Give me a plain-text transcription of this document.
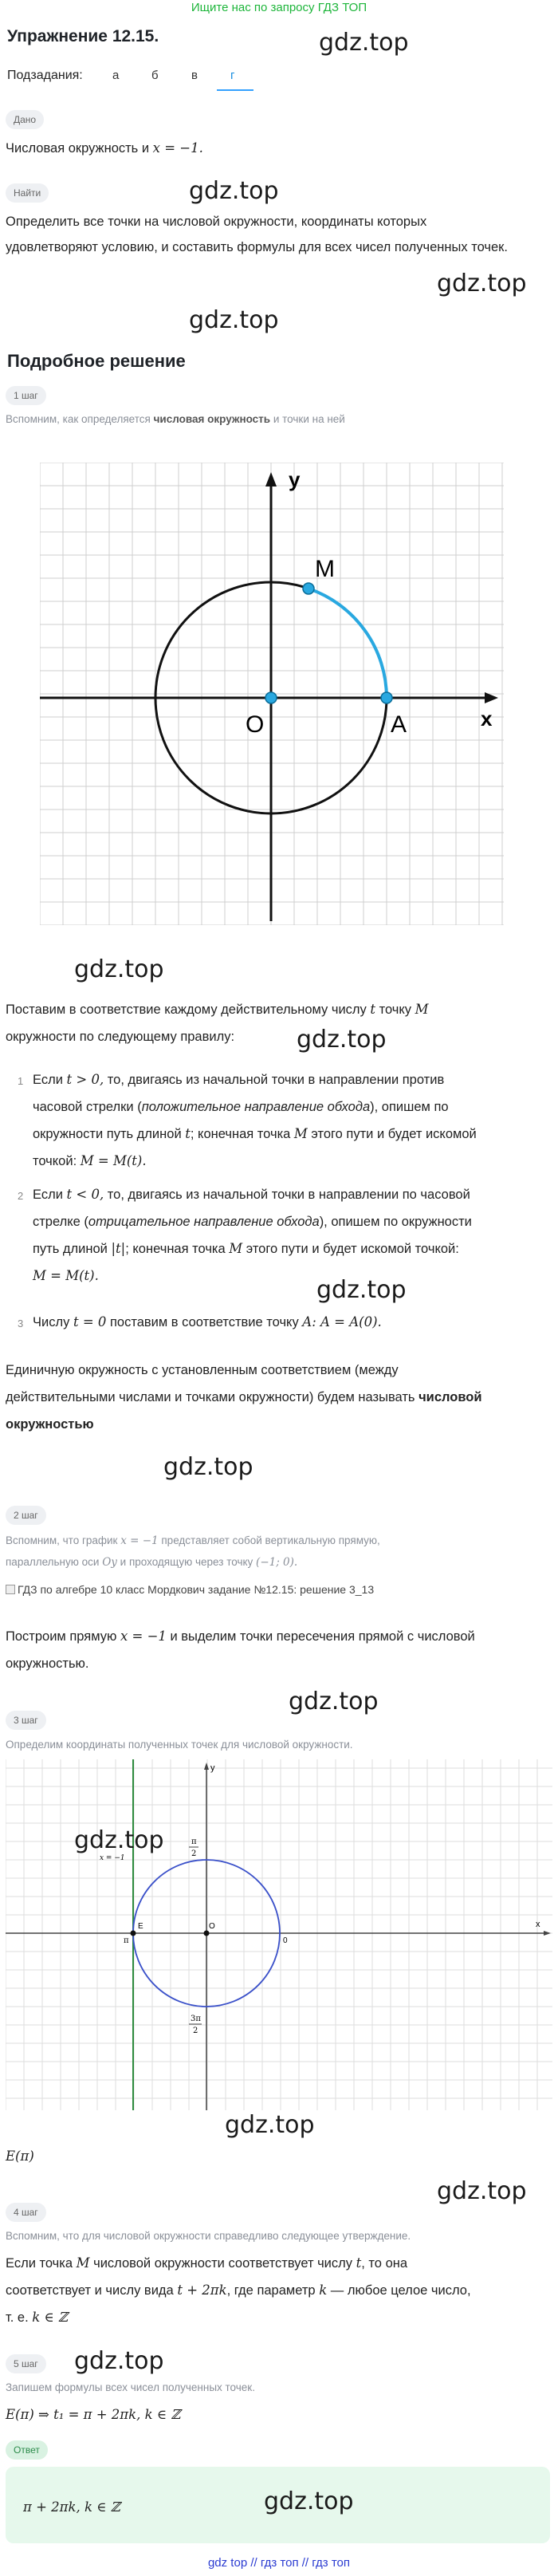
Ищите нас по запросу ГДЗ ТОП
Упражнение 12.15.	gdz.top
Подзадания: а	б	в	г
Дано
Числовая окружность и x = −1.
Найти	gdz.top
Определить все точки на числовой окружности, координаты которых удовлетворяют условию, и составить формулы для всех чисел полученных точек.
gdz.top
gdz.top
Подробное решение
1 шаг
Вспомним, как определяется числовая окружность и точки на ней
y
x
M
O	A
gdz.top
Поставим в соответствие каждому действительному числу t точку M
окружности по следующему правилу:	gdz.top
1 Если t > 0, то, двигаясь из начальной точки в направлении против
часовой стрелки (положительное направление обхода), опишем по
окружности путь длиной t; конечная точка M этого пути и будет искомой
точкой: M = M(t).
2 Если t < 0, то, двигаясь из начальной точки в направлении по часовой
стрелке (отрицательное направление обхода), опишем по окружности
путь длиной |t|; конечная точка M этого пути и будет искомой точкой:
M = M(t).
gdz.top
3 Числу t = 0 поставим в соответствие точку A: A = A(0).
Единичную окружность с установленным соответствием (между
действительными числами и точками окружности) будем называть числовой
окружностью
gdz.top
2 шаг
Вспомним, что график x = −1 представляет собой вертикальную прямую,
параллельную оси Oy и проходящую через точку (−1; 0).
ГДЗ по алгебре 10 класс Мордкович задание №12.15: решение 3_13
Построим прямую x = −1 и выделим точки пересечения прямой с числовой
окружностью.
gdz.top
3 шаг
Определим координаты полученных точек для числовой окружности.
y
x
π
2
O
E
0
π
3π
2
x = −1
gdz.top
gdz.top
E(π)
gdz.top
4 шаг
Вспомним, что для числовой окружности справедливо следующее утверждение.
Если точка M числовой окружности соответствует числу t, то она
соответствует и числу вида t + 2πk, где параметр k — любое целое число,
т. е. k ∈ ℤ
5 шаг	gdz.top
Запишем формулы всех чисел полученных точек.
E(π) ⇒ t₁ = π + 2πk, k ∈ ℤ
Ответ
π + 2πk, k ∈ ℤ	gdz.top
gdz top // гдз топ // гдз топ
